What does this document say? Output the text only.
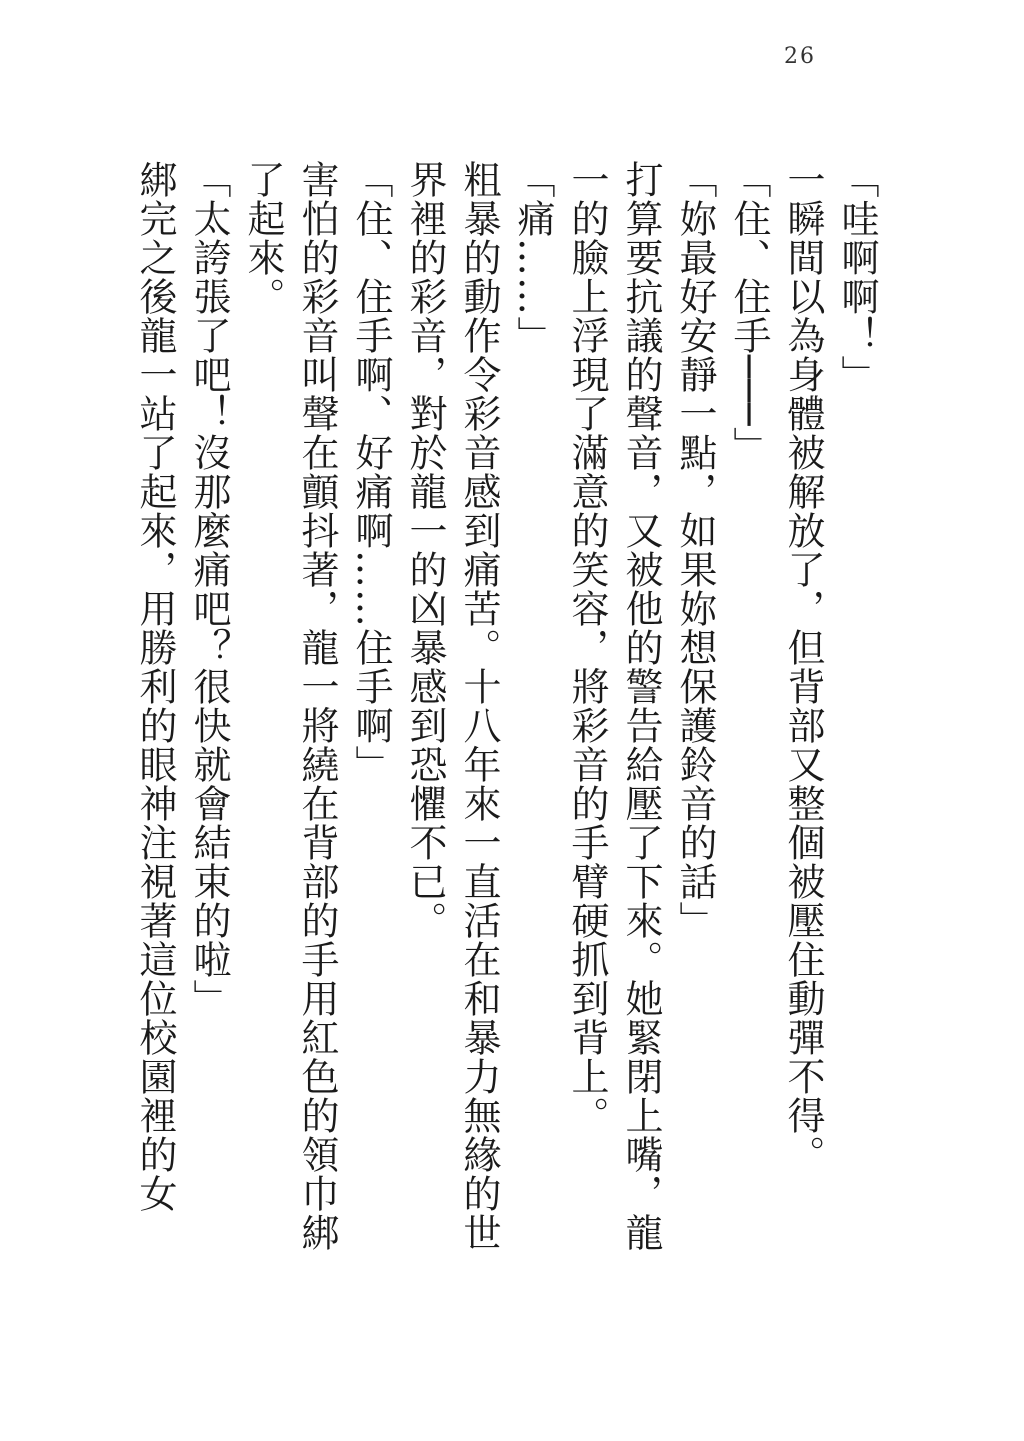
26
「哇啊啊！」
一瞬間以為身體被解放了，但背部又整個被壓住動彈不得。
「住、住手───」
「妳最好安靜一點，如果妳想保護鈴音的話」
打算要抗議的聲音，又被他的警告給壓了下來。她緊閉上嘴，龍
一的臉上浮現了滿意的笑容，將彩音的手臂硬抓到背上。
「痛……」
粗暴的動作令彩音感到痛苦。十八年來一直活在和暴力無緣的世
界裡的彩音，對於龍一的凶暴感到恐懼不已。
「住、住手啊、好痛啊……住手啊」
害怕的彩音叫聲在顫抖著，龍一將繞在背部的手用紅色的領巾綁
了起來。
「太誇張了吧！沒那麼痛吧？很快就會結束的啦」
綁完之後龍一站了起來，用勝利的眼神注視著這位校園裡的女
